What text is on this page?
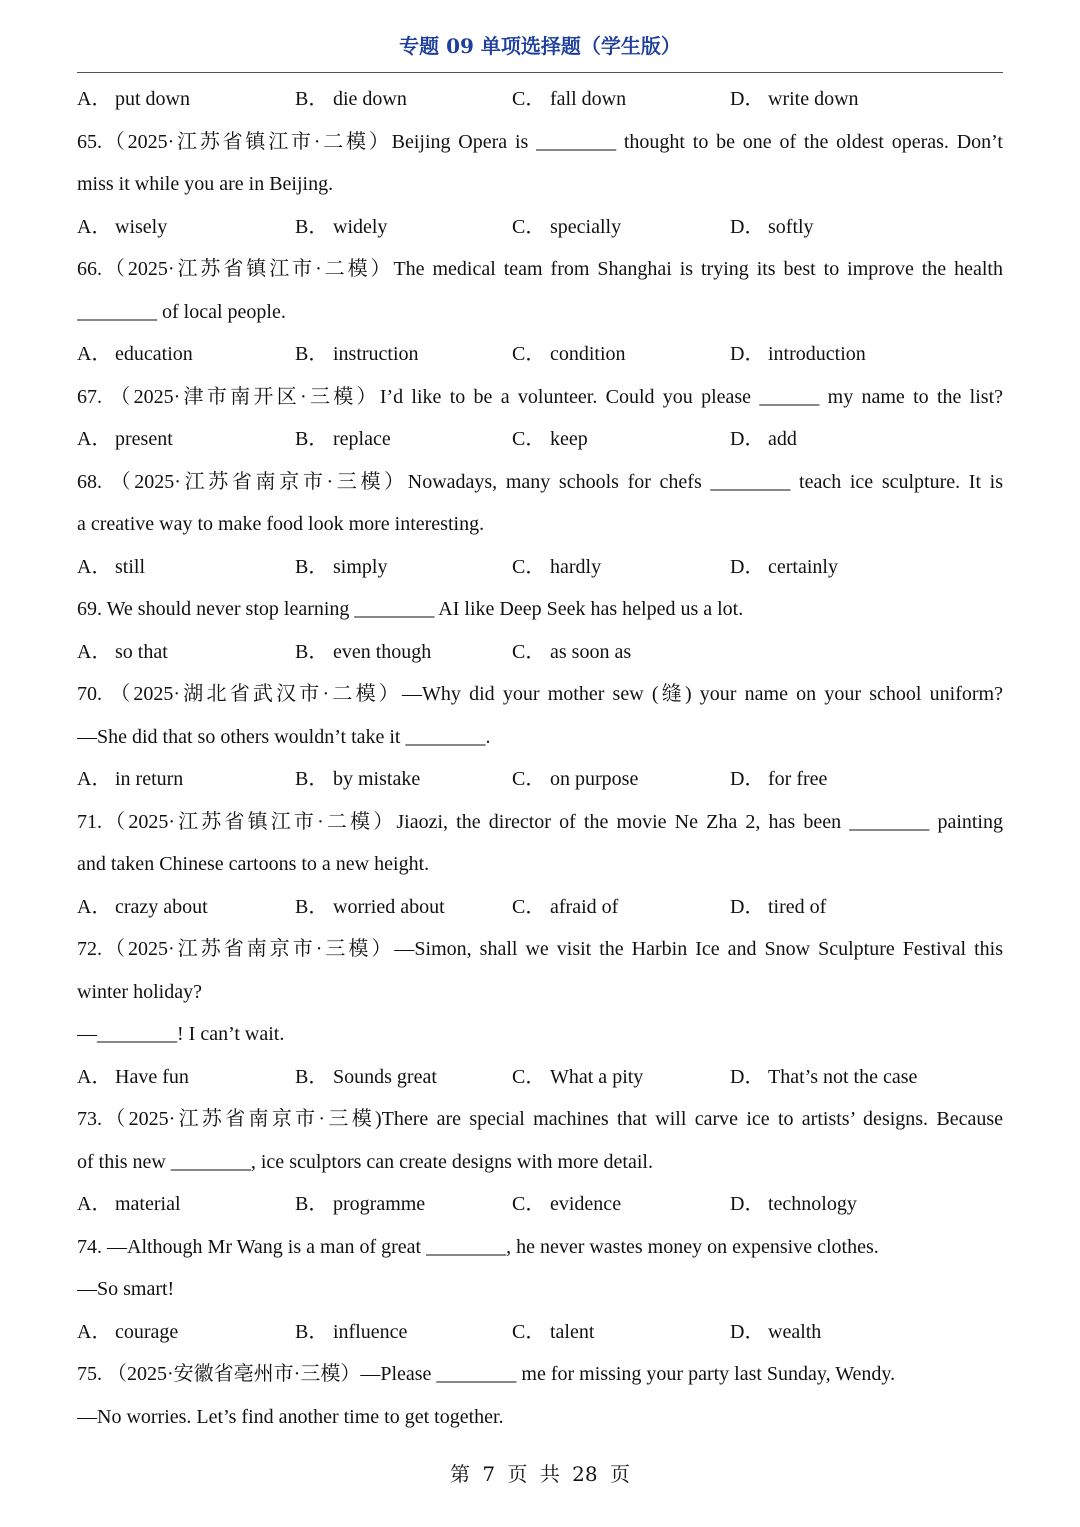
专题 09 单项选择题（学生版）
A． put down	B． die down	C． fall down	D． write down
65.（2025·江苏省镇江市·二模）Beijing Opera is ________ thought to be one of the oldest operas. Don’t
miss it while you are in Beijing.
A． wisely	B． widely	C． specially	D． softly
66.（2025·江苏省镇江市·二模）The medical team from Shanghai is trying its best to improve the health
________ of local people.
A． education	B． instruction	C． condition	D． introduction
67. （2025·津市南开区·三模）I’d like to be a volunteer. Could you please ______ my name to the list?
A． present	B． replace	C． keep	D． add
68. （2025·江苏省南京市·三模）Nowadays, many schools for chefs ________ teach ice sculpture. It is
a creative way to make food look more interesting.
A． still	B． simply	C． hardly	D． certainly
69. We should never stop learning ________ AI like Deep Seek has helped us a lot.
A． so that	B． even though	C． as soon as
70. （2025·湖北省武汉市·二模）—Why did your mother sew (缝) your name on your school uniform?
—She did that so others wouldn’t take it ________.
A． in return	B． by mistake	C． on purpose	D． for free
71.（2025·江苏省镇江市·二模）Jiaozi, the director of the movie Ne Zha 2, has been ________ painting
and taken Chinese cartoons to a new height.
A． crazy about	B． worried about	C． afraid of	D． tired of
72.（2025·江苏省南京市·三模）—Simon, shall we visit the Harbin Ice and Snow Sculpture Festival this
winter holiday?
—________! I can’t wait.
A． Have fun	B． Sounds great	C． What a pity	D． That’s not the case
73.（2025·江苏省南京市·三模)There are special machines that will carve ice to artists’ designs. Because
of this new ________, ice sculptors can create designs with more detail.
A． material	B． programme	C． evidence	D． technology
74. —Although Mr Wang is a man of great ________, he never wastes money on expensive clothes.
—So smart!
A． courage	B． influence	C． talent	D． wealth
75. （2025·安徽省亳州市·三模）—Please ________ me for missing your party last Sunday, Wendy.
—No worries. Let’s find another time to get together.
第 7 页 共 28 页
